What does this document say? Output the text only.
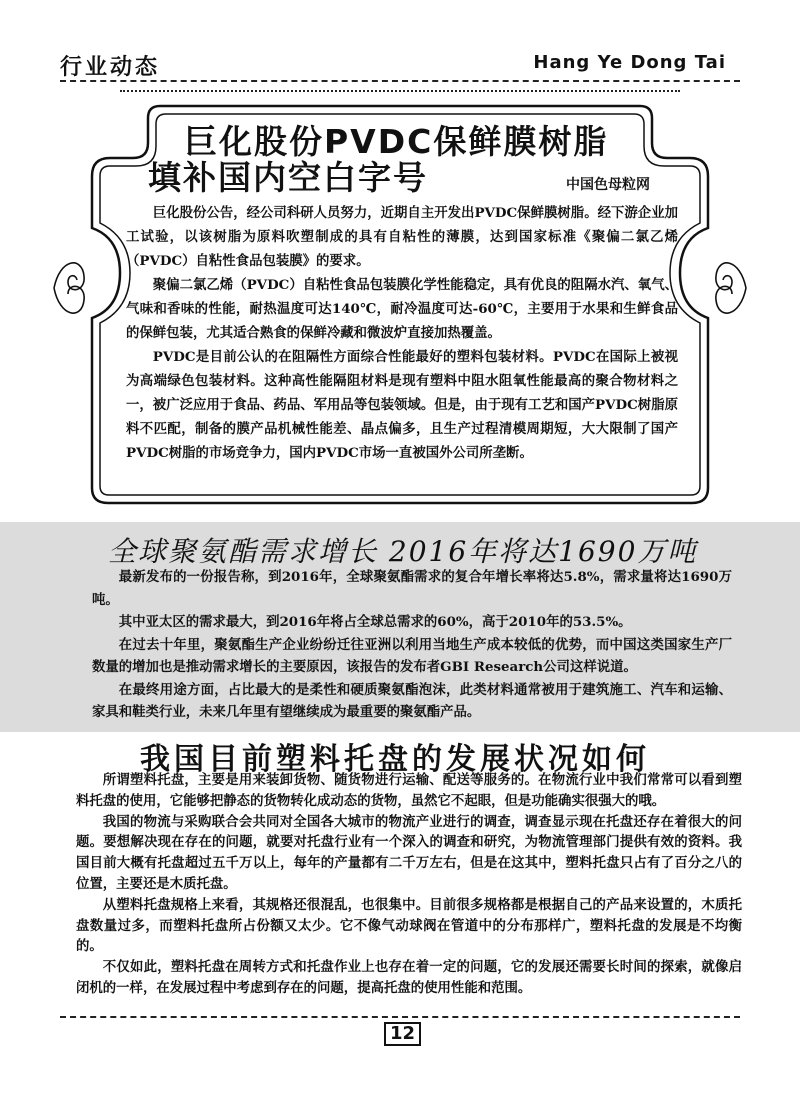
行业动态	Hang Ye Dong Tai
巨化股份PVDC保鲜膜树脂
填补国内空白字号	中国色母粒网

巨化股份公告，经公司科研人员努力，近期自主开发出PVDC保鲜膜树脂。经下游企业加工试验，以该树脂为原料吹塑制成的具有自粘性的薄膜，达到国家标准《聚偏二氯乙烯（PVDC）自粘性食品包装膜》的要求。

聚偏二氯乙烯（PVDC）自粘性食品包装膜化学性能稳定，具有优良的阻隔水汽、氧气、气味和香味的性能，耐热温度可达140℃，耐冷温度可达-60℃，主要用于水果和生鲜食品的保鲜包装，尤其适合熟食的保鲜冷藏和微波炉直接加热覆盖。

PVDC是目前公认的在阻隔性方面综合性能最好的塑料包装材料。PVDC在国际上被视为高端绿色包装材料。这种高性能隔阻材料是现有塑料中阻水阻氧性能最高的聚合物材料之一，被广泛应用于食品、药品、军用品等包装领域。但是，由于现有工艺和国产PVDC树脂原料不匹配，制备的膜产品机械性能差、晶点偏多，且生产过程清模周期短，大大限制了国产PVDC树脂的市场竞争力，国内PVDC市场一直被国外公司所垄断。

全球聚氨酯需求增长 2016年将达1690万吨

最新发布的一份报告称，到2016年，全球聚氨酯需求的复合年增长率将达5.8%，需求量将达1690万吨。

其中亚太区的需求最大，到2016年将占全球总需求的60%，高于2010年的53.5%。

在过去十年里，聚氨酯生产企业纷纷迁往亚洲以利用当地生产成本较低的优势，而中国这类国家生产厂数量的增加也是推动需求增长的主要原因，该报告的发布者GBI Research公司这样说道。

在最终用途方面，占比最大的是柔性和硬质聚氨酯泡沫，此类材料通常被用于建筑施工、汽车和运输、家具和鞋类行业，未来几年里有望继续成为最重要的聚氨酯产品。

我国目前塑料托盘的发展状况如何

所谓塑料托盘，主要是用来装卸货物、随货物进行运输、配送等服务的。在物流行业中我们常常可以看到塑料托盘的使用，它能够把静态的货物转化成动态的货物，虽然它不起眼，但是功能确实很强大的哦。

我国的物流与采购联合会共同对全国各大城市的物流产业进行的调查，调查显示现在托盘还存在着很大的问题。要想解决现在存在的问题，就要对托盘行业有一个深入的调查和研究，为物流管理部门提供有效的资料。我国目前大概有托盘超过五千万以上，每年的产量都有二千万左右，但是在这其中，塑料托盘只占有了百分之八的位置，主要还是木质托盘。

从塑料托盘规格上来看，其规格还很混乱，也很集中。目前很多规格都是根据自己的产品来设置的，木质托盘数量过多，而塑料托盘所占份额又太少。它不像气动球阀在管道中的分布那样广，塑料托盘的发展是不均衡的。

不仅如此，塑料托盘在周转方式和托盘作业上也存在着一定的问题，它的发展还需要长时间的探索，就像启闭机的一样，在发展过程中考虑到存在的问题，提高托盘的使用性能和范围。

12
